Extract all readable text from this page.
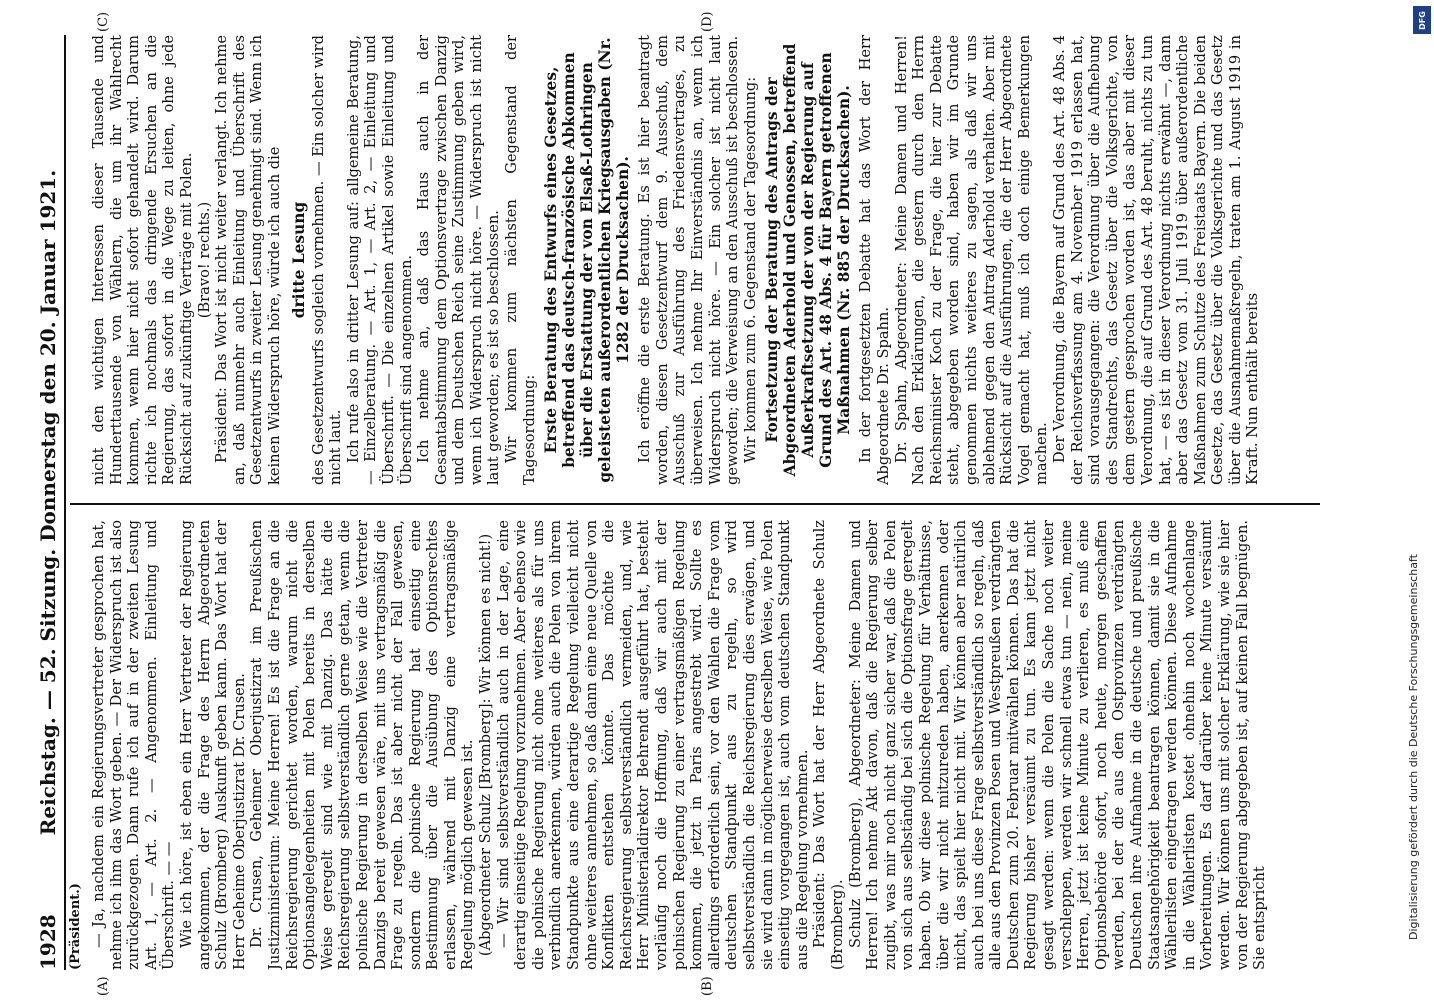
1928
Reichstag. — 52. Sitzung. Donnerstag den 20. Januar 1921.
(Präsident.)
(A)	(B)
(C)	(D)

— Ja, nachdem ein Regierungsvertreter gesprochen hat, nehme ich ihm das Wort geben. — Der Widerspruch ist also zurückgezogen. Dann rufe ich auf in der zweiten Lesung Art. 1, — Art. 2. — Angenommen. Einleitung und Überschrift. — — Wie ich höre, ist eben ein Herr Vertreter der Regierung angekommen, der die Frage des Herrn Abgeordneten Schulz (Bromberg) Auskunft geben kann. Das Wort hat der Herr Geheime Oberjustizrat Dr. Crusen. Dr. Crusen, Geheimer Oberjustizrat im Preußischen Justizministerium: Meine Herren! Es ist die Frage an die Reichsregierung gerichtet worden, warum nicht die Optionsangelegenheiten mit Polen bereits in derselben Weise geregelt sind wie mit Danzig. Das hätte die Reichsregierung selbstverständlich gerne getan, wenn die polnische Regierung in derselben Weise wie die Vertreter Danzigs bereit gewesen wäre, mit uns vertragsmäßig die Frage zu regeln. Das ist aber nicht der Fall gewesen, sondern die polnische Regierung hat einseitig eine Bestimmung über die Ausübung des Optionsrechtes erlassen, während mit Danzig eine vertragsmäßige Regelung möglich gewesen ist. (Abgeordneter Schulz [Bromberg]: Wir können es nicht!) — Wir sind selbstverständlich auch in der Lage, eine derartig einseitige Regelung vorzunehmen. Aber ebenso wie die polnische Regierung nicht ohne weiteres als für uns verbindlich anerkennen, würden auch die Polen von ihrem Standpunkte aus eine derartige Regelung vielleicht nicht ohne weiteres annehmen, so daß dann eine neue Quelle von Konflikten entstehen könnte. Das möchte die Reichsregierung selbstverständlich vermeiden, und, wie Herr Ministerialdirektor Behrendt ausgeführt hat, besteht vorläufig noch die Hoffnung, daß wir auch mit der polnischen Regierung zu einer vertragsmäßigen Regelung kommen, die jetzt in Paris angestrebt wird. Sollte es allerdings erforderlich sein, vor den Wahlen die Frage vom deutschen Standpunkt aus zu regeln, so wird selbstverständlich die Reichsregierung dies erwägen, und sie wird dann in möglicherweise derselben Weise, wie Polen einseitig vorgegangen ist, auch vom deutschen Standpunkt aus die Regelung vornehmen. Präsident: Das Wort hat der Herr Abgeordnete Schulz (Bromberg). Schulz (Bromberg), Abgeordneter: Meine Damen und Herren! Ich nehme Akt davon, daß die Regierung selber zugibt, was mir noch nicht ganz sicher war, daß die Polen von sich aus selbständig bei sich die Optionsfrage geregelt haben. Ob wir diese polnische Regelung für Verhältnisse, über die wir nicht mitzureden haben, anerkennen oder nicht, das spielt hier nicht mit. Wir können aber natürlich auch bei uns diese Frage selbstverständlich so regeln, daß alle aus den Provinzen Posen und Westpreußen verdrängten Deutschen zum 20. Februar mitwählen können. Das hat die Regierung bisher versäumt zu tun. Es kann jetzt nicht gesagt werden: wenn die Polen die Sache noch weiter verschleppen, werden wir schnell etwas tun — nein, meine Herren, jetzt ist keine Minute zu verlieren, es muß eine Optionsbehörde sofort, noch heute, morgen geschaffen werden, bei der die aus den Ostprovinzen verdrängten Deutschen ihre Aufnahme in die deutsche und preußische Staatsangehörigkeit beantragen können, damit sie in die Wählerlisten eingetragen werden können. Diese Aufnahme in die Wählerlisten kostet ohnehin noch wochenlange Vorbereitungen. Es darf darüber keine Minute versäumt werden. Wir können uns mit solcher Erklärung, wie sie hier von der Regierung abgegeben ist, auf keinen Fall begnügen. Sie entspricht

nicht den wichtigen Interessen dieser Tausende und Hunderttausende von Wählern, die um ihr Wahlrecht kommen, wenn hier nicht sofort gehandelt wird. Darum richte ich nochmals das dringende Ersuchen an die Regierung, das sofort in die Wege zu leiten, ohne jede Rücksicht auf zukünftige Verträge mit Polen. (Bravo! rechts.) Präsident: Das Wort ist nicht weiter verlangt. Ich nehme an, daß nunmehr auch Einleitung und Überschrift des Gesetzentwurfs in zweiter Lesung genehmigt sind. Wenn ich keinen Widerspruch höre, würde ich auch die dritte Lesung des Gesetzentwurfs sogleich vornehmen. — Ein solcher wird nicht laut. Ich rufe also in dritter Lesung auf: allgemeine Beratung, — Einzelberatung. — Art. 1, — Art. 2, — Einleitung und Überschrift. — Die einzelnen Artikel sowie Einleitung und Überschrift sind angenommen. Ich nehme an, daß das Haus auch in der Gesamtabstimmung dem Optionsvertrage zwischen Danzig und dem Deutschen Reich seine Zustimmung geben wird, wenn ich Widerspruch nicht höre. — Widerspruch ist nicht laut geworden; es ist so beschlossen. Wir kommen zum nächsten Gegenstand der Tagesordnung: Erste Beratung des Entwurfs eines Gesetzes, betreffend das deutsch-französische Abkommen über die Erstattung der von Elsaß-Lothringen geleisteten außerordentlichen Kriegsausgaben (Nr. 1282 der Drucksachen). Ich eröffne die erste Beratung. Es ist hier beantragt worden, diesen Gesetzentwurf dem 9. Ausschuß, dem Ausschuß zur Ausführung des Friedensvertrages, zu überweisen. Ich nehme Ihr Einverständnis an, wenn ich Widerspruch nicht höre. — Ein solcher ist nicht laut geworden; die Verweisung an den Ausschuß ist beschlossen. Wir kommen zum 6. Gegenstand der Tagesordnung: Fortsetzung der Beratung des Antrags der Abgeordneten Aderhold und Genossen, betreffend Außerkraftsetzung der von der Regierung auf Grund des Art. 48 Abs. 4 für Bayern getroffenen Maßnahmen (Nr. 885 der Drucksachen). In der fortgesetzten Debatte hat das Wort der Herr Abgeordnete Dr. Spahn. Dr. Spahn, Abgeordneter: Meine Damen und Herren! Nach den Erklärungen, die gestern durch den Herrn Reichsminister Koch zu der Frage, die hier zur Debatte steht, abgegeben worden sind, haben wir im Grunde genommen nichts weiteres zu sagen, als daß wir uns ablehnend gegen den Antrag Aderhold verhalten. Aber mit Rücksicht auf die Ausführungen, die der Herr Abgeordnete Vogel gemacht hat, muß ich doch einige Bemerkungen machen. Der Verordnung, die Bayern auf Grund des Art. 48 Abs. 4 der Reichsverfassung am 4. November 1919 erlassen hat, sind vorausgegangen: die Verordnung über die Aufhebung des Standrechts, das Gesetz über die Volksgerichte, von dem gestern gesprochen worden ist, das aber mit dieser Verordnung, die auf Grund des Art. 48 beruht, nichts zu tun hat, — es ist in dieser Verordnung nichts erwähnt —, dann aber das Gesetz vom 31. Juli 1919 über außerordentliche Maßnahmen zum Schutze des Freistaats Bayern. Die beiden Gesetze, das Gesetz über die Volksgerichte und das Gesetz über die Ausnahmemaßregeln, traten am 1. August 1919 in Kraft. Nun enthält bereits

DFG
Digitalisierung gefördert durch die Deutsche Forschungsgemeinschaft
